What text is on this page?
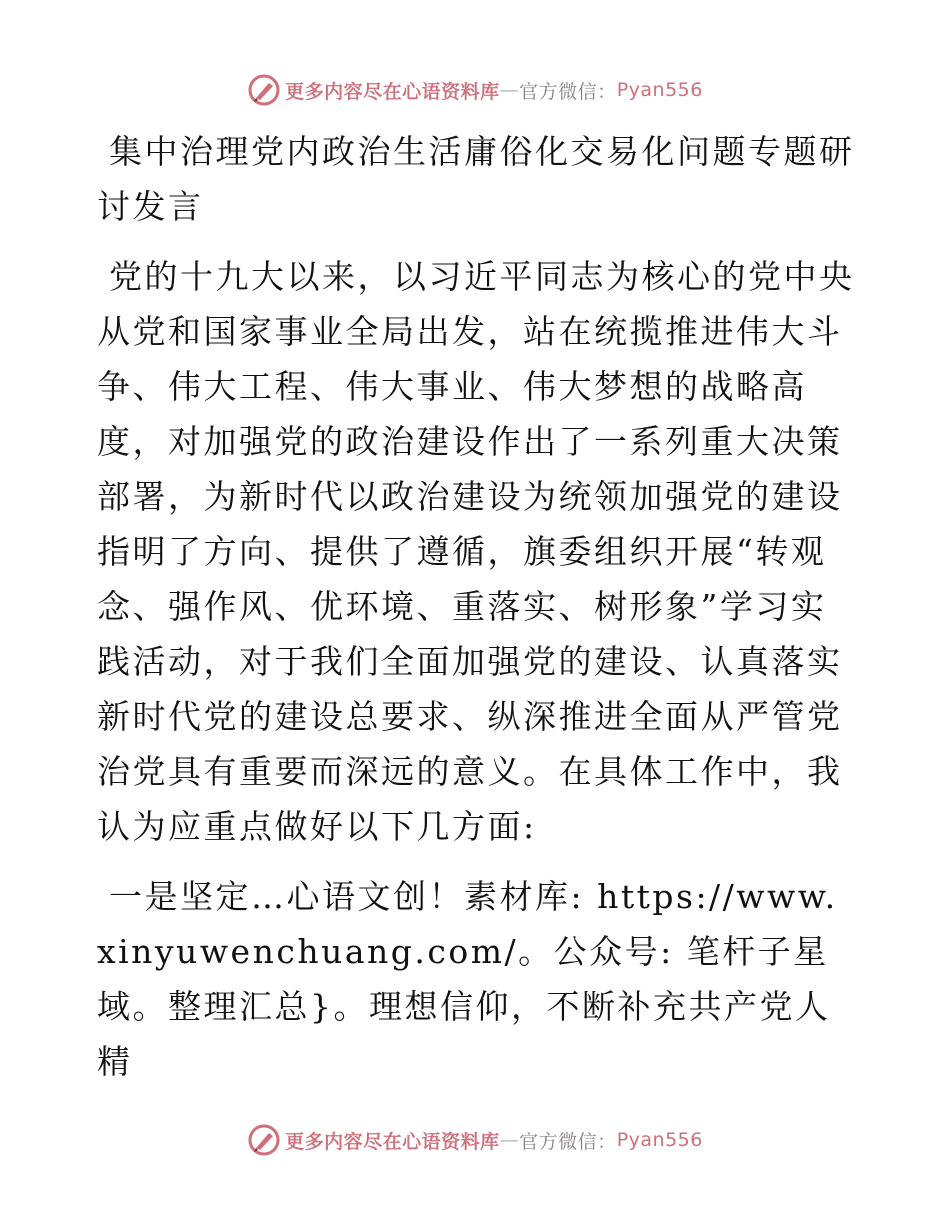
更多内容尽在心语资料库 — 官方微信： Pyan556
集中治理党内政治生活庸俗化交易化问题专题研讨发言

党的十九大以来，以习近平同志为核心的党中央从党和国家事业全局出发，站在统揽推进伟大斗争、伟大工程、伟大事业、伟大梦想的战略高度，对加强党的政治建设作出了一系列重大决策部署，为新时代以政治建设为统领加强党的建设指明了方向、提供了遵循，旗委组织开展“转观念、强作风、优环境、重落实、树形象”学习实践活动，对于我们全面加强党的建设、认真落实新时代党的建设总要求、纵深推进全面从严管党治党具有重要而深远的意义。在具体工作中，我认为应重点做好以下几方面:

一是坚定…心语文创！素材库: https://www.xinyuwenchuang.com/。公众号: 笔杆子星域。整理汇总}。理想信仰，不断补充共产党人精

更多内容尽在心语资料库 — 官方微信： Pyan556
